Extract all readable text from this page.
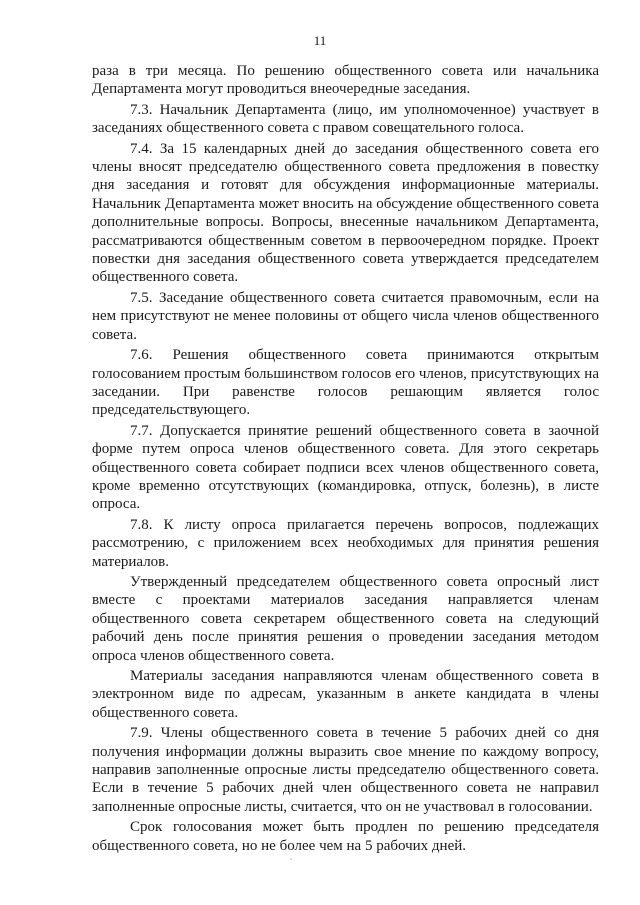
11

раза в три месяца. По решению общественного совета или начальника Департамента могут проводиться внеочередные заседания.

7.3. Начальник Департамента (лицо, им уполномоченное) участвует в заседаниях общественного совета с правом совещательного голоса.

7.4. За 15 календарных дней до заседания общественного совета его члены вносят председателю общественного совета предложения в повестку дня заседания и готовят для обсуждения информационные материалы. Начальник Департамента может вносить на обсуждение общественного совета дополнительные вопросы. Вопросы, внесенные начальником Департамента, рассматриваются общественным советом в первоочередном порядке. Проект повестки дня заседания общественного совета утверждается председателем общественного совета.

7.5. Заседание общественного совета считается правомочным, если на нем присутствуют не менее половины от общего числа членов общественного совета.

7.6. Решения общественного совета принимаются открытым голосованием простым большинством голосов его членов, присутствующих на заседании. При равенстве голосов решающим является голос председательствующего.

7.7. Допускается принятие решений общественного совета в заочной форме путем опроса членов общественного совета. Для этого секретарь общественного совета собирает подписи всех членов общественного совета, кроме временно отсутствующих (командировка, отпуск, болезнь), в листе опроса.

7.8. К листу опроса прилагается перечень вопросов, подлежащих рассмотрению, с приложением всех необходимых для принятия решения материалов.

Утвержденный председателем общественного совета опросный лист вместе с проектами материалов заседания направляется членам общественного совета секретарем общественного совета на следующий рабочий день после принятия решения о проведении заседания методом опроса членов общественного совета.

Материалы заседания направляются членам общественного совета в электронном виде по адресам, указанным в анкете кандидата в члены общественного совета.

7.9. Члены общественного совета в течение 5 рабочих дней со дня получения информации должны выразить свое мнение по каждому вопросу, направив заполненные опросные листы председателю общественного совета. Если в течение 5 рабочих дней член общественного совета не направил заполненные опросные листы, считается, что он не участвовал в голосовании.

Срок голосования может быть продлен по решению председателя общественного совета, но не более чем на 5 рабочих дней.
